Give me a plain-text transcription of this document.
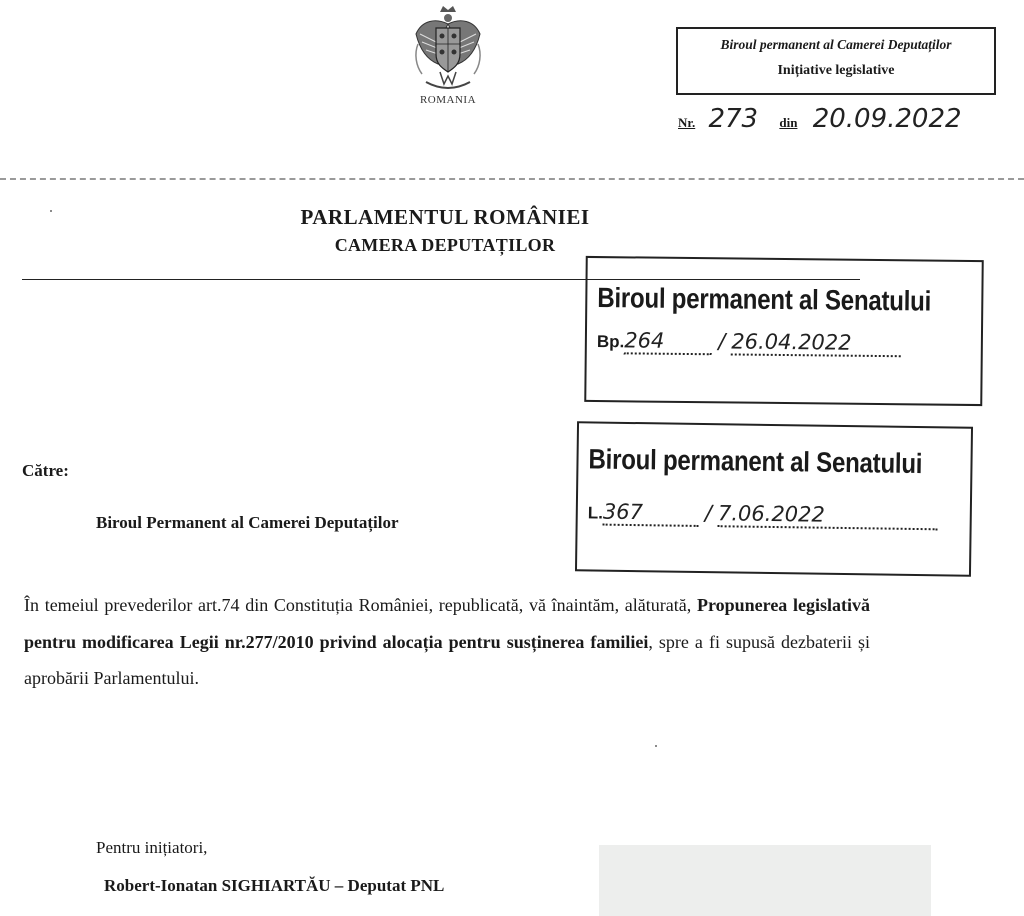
ROMANIA
Biroul permanent al Camerei Deputaților
Inițiative legislative
Nr. 273 din 20.09.2022
PARLAMENTUL ROMÂNIEI
CAMERA DEPUTAȚILOR
Biroul permanent al Senatului
Bp.264	/ 26.04.2022
Biroul permanent al Senatului
L.367	/ 7.06.2022
Către:
Biroul Permanent al Camerei Deputaților
În temeiul prevederilor art.74 din Constituția României, republicată, vă înaintăm, alăturată, Propunerea legislativă pentru modificarea Legii nr.277/2010 privind alocația pentru susținerea familiei, spre a fi supusă dezbaterii și aprobării Parlamentului.
Pentru inițiatori,
Robert-Ionatan SIGHIARTĂU – Deputat PNL
